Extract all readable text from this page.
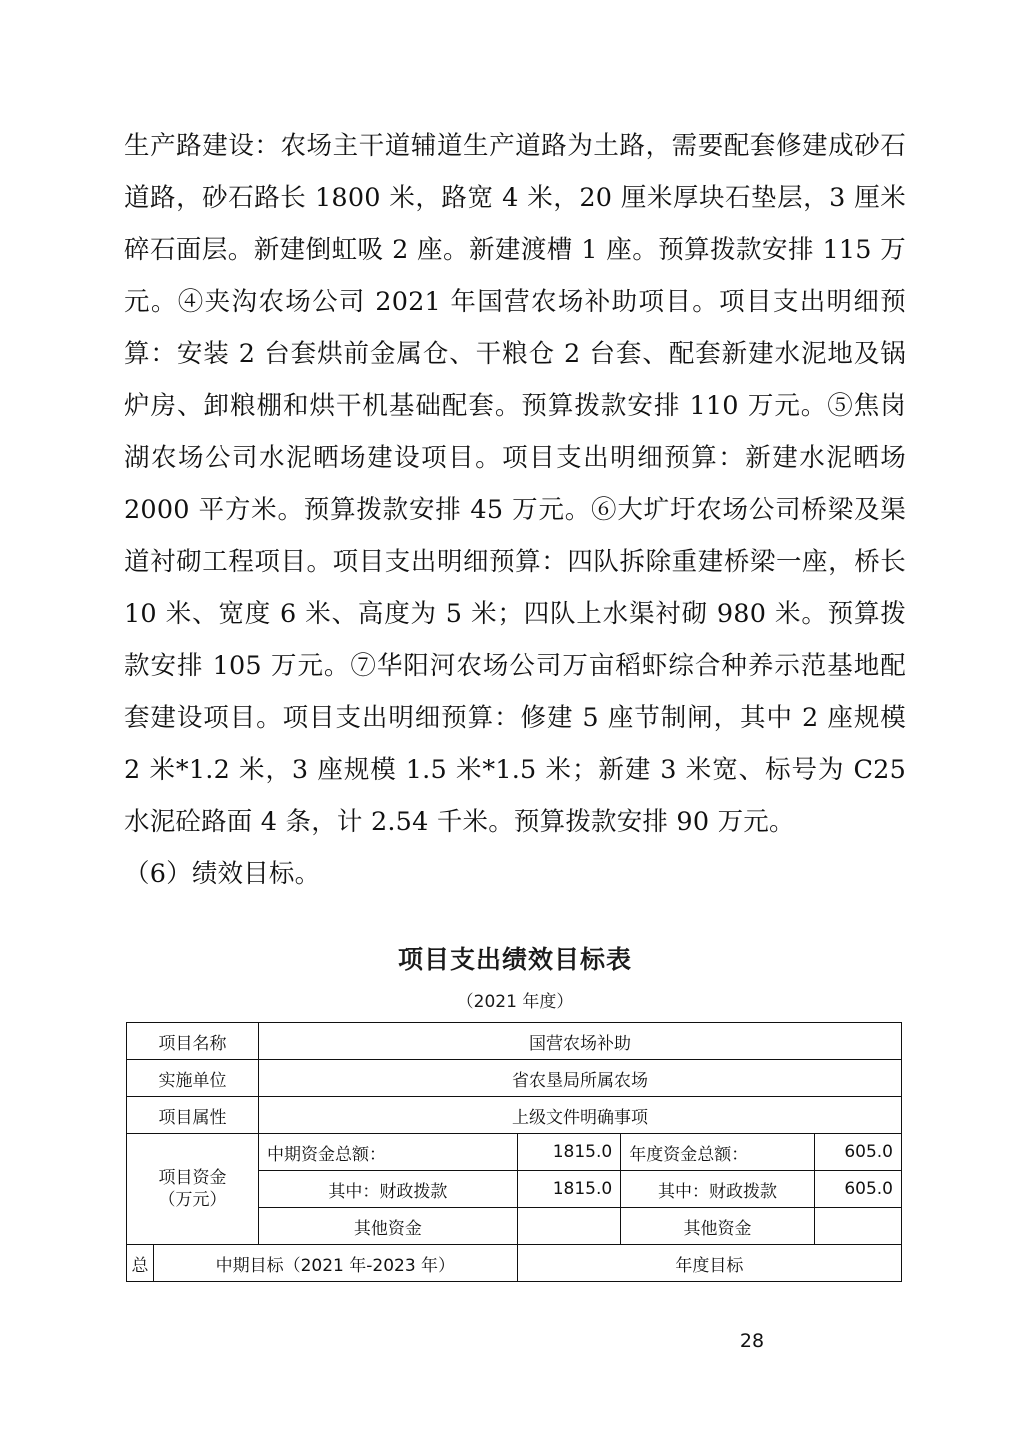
生产路建设：农场主干道辅道生产道路为土路，需要配套修建成砂石道路，砂石路长 1800 米，路宽 4 米，20 厘米厚块石垫层，3 厘米碎石面层。新建倒虹吸 2 座。新建渡槽 1 座。预算拨款安排 115 万元。④夹沟农场公司 2021 年国营农场补助项目。项目支出明细预算：安装 2 台套烘前金属仓、干粮仓 2 台套、配套新建水泥地及锅炉房、卸粮棚和烘干机基础配套。预算拨款安排 110 万元。⑤焦岗湖农场公司水泥晒场建设项目。项目支出明细预算：新建水泥晒场 2000 平方米。预算拨款安排 45 万元。⑥大圹圩农场公司桥梁及渠道衬砌工程项目。项目支出明细预算：四队拆除重建桥梁一座，桥长 10 米、宽度 6 米、高度为 5 米；四队上水渠衬砌 980 米。预算拨款安排 105 万元。⑦华阳河农场公司万亩稻虾综合种养示范基地配套建设项目。项目支出明细预算：修建 5 座节制闸，其中 2 座规模 2 米*1.2 米，3 座规模 1.5 米*1.5 米；新建 3 米宽、标号为 C25 水泥砼路面 4 条，计 2.54 千米。预算拨款安排 90 万元。

（6）绩效目标。

项目支出绩效目标表
（2021 年度）
项目名称		国营农场补助			
实施单位		省农垦局所属农场			
项目属性		上级文件明确事项			

项目资金
（万元）		中期资金总额：	1815.0	年度资金总额：	605.0
		其中：财政拨款	1815.0	其中：财政拨款	605.0
		其他资金		其他资金	
总	中期目标（2021 年-2023 年）		年度目标		
28
